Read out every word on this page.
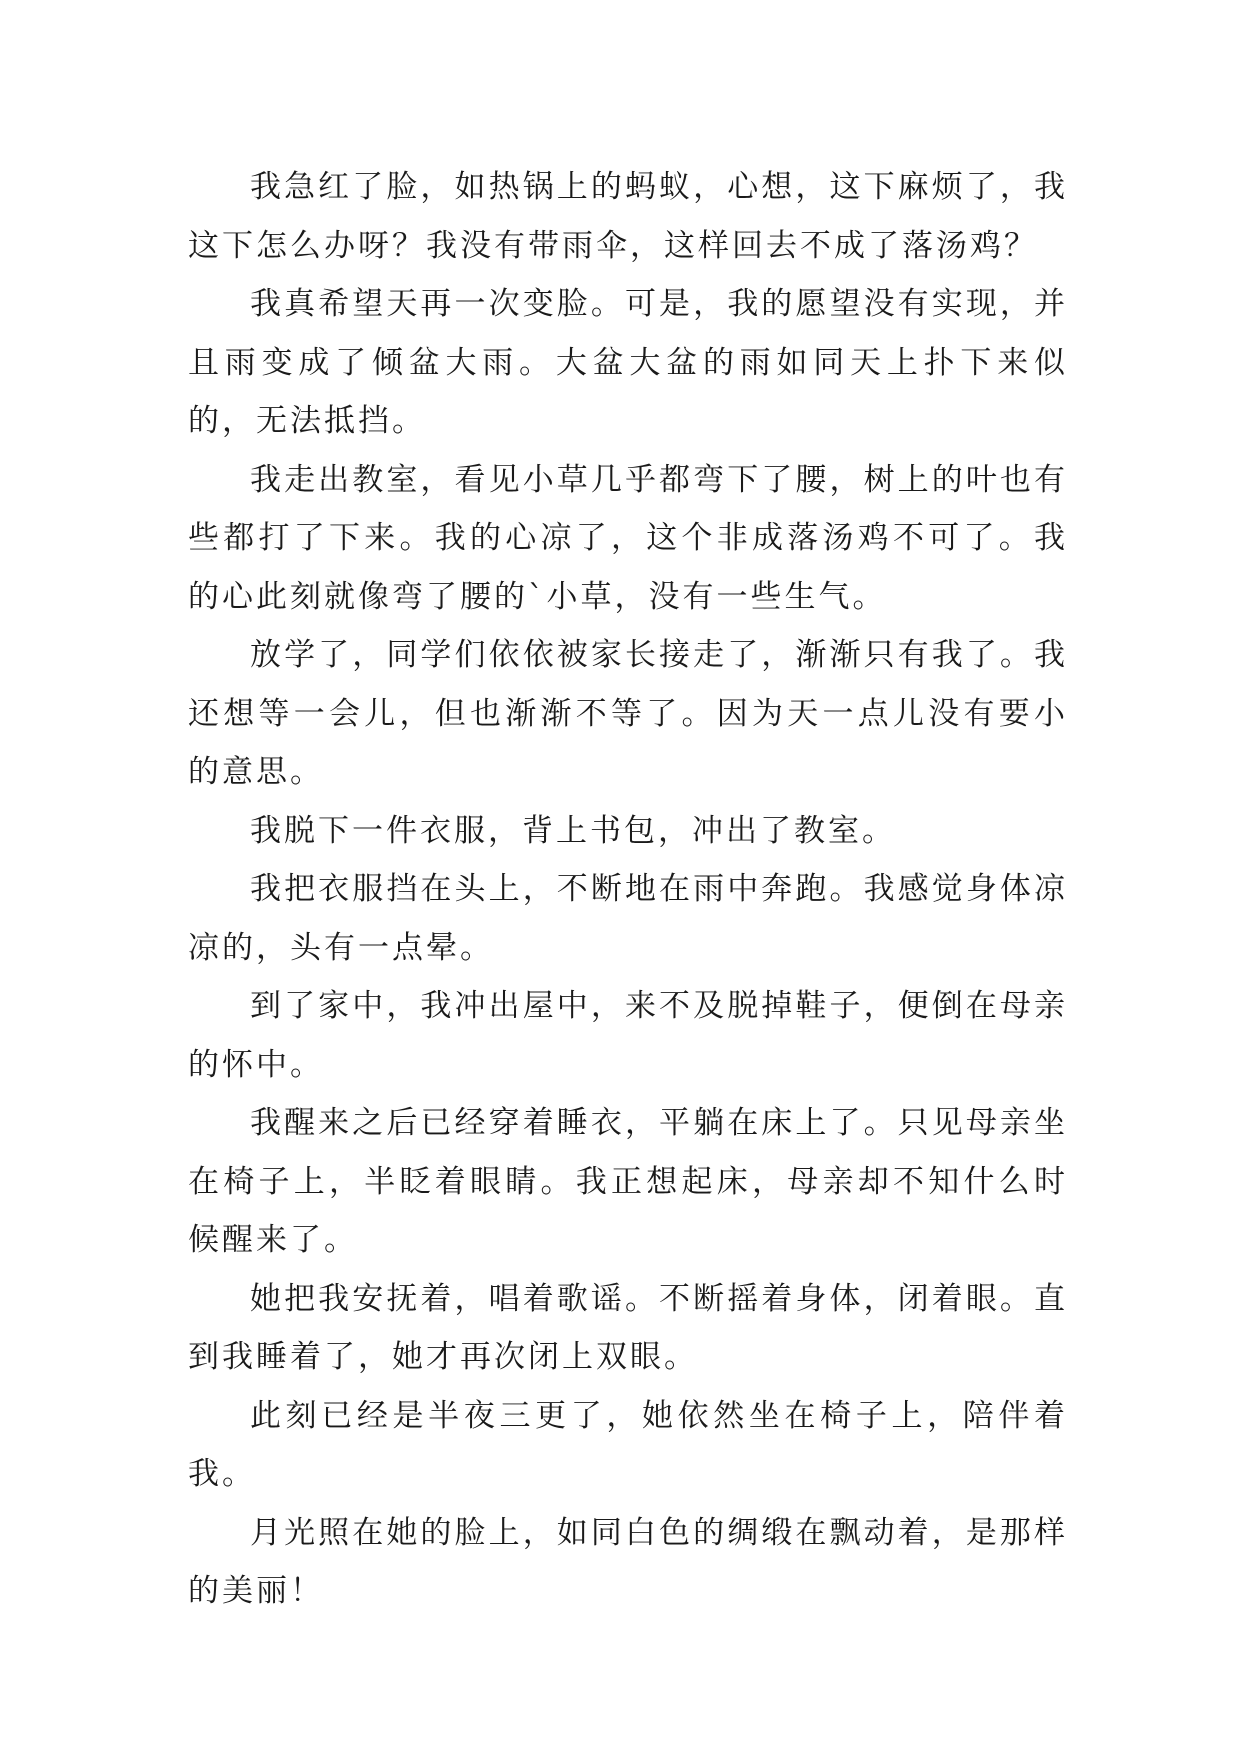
我急红了脸，如热锅上的蚂蚁，心想，这下麻烦了，我这下怎么办呀？我没有带雨伞，这样回去不成了落汤鸡？

我真希望天再一次变脸。可是，我的愿望没有实现，并且雨变成了倾盆大雨。大盆大盆的雨如同天上扑下来似的，无法抵挡。

我走出教室，看见小草几乎都弯下了腰，树上的叶也有些都打了下来。我的心凉了，这个非成落汤鸡不可了。我的心此刻就像弯了腰的`小草，没有一些生气。

放学了，同学们依依被家长接走了，渐渐只有我了。我还想等一会儿，但也渐渐不等了。因为天一点儿没有要小的意思。

我脱下一件衣服，背上书包，冲出了教室。

我把衣服挡在头上，不断地在雨中奔跑。我感觉身体凉凉的，头有一点晕。

到了家中，我冲出屋中，来不及脱掉鞋子，便倒在母亲的怀中。

我醒来之后已经穿着睡衣，平躺在床上了。只见母亲坐在椅子上，半眨着眼睛。我正想起床，母亲却不知什么时候醒来了。

她把我安抚着，唱着歌谣。不断摇着身体，闭着眼。直到我睡着了，她才再次闭上双眼。

此刻已经是半夜三更了，她依然坐在椅子上，陪伴着我。

月光照在她的脸上，如同白色的绸缎在飘动着，是那样的美丽！
